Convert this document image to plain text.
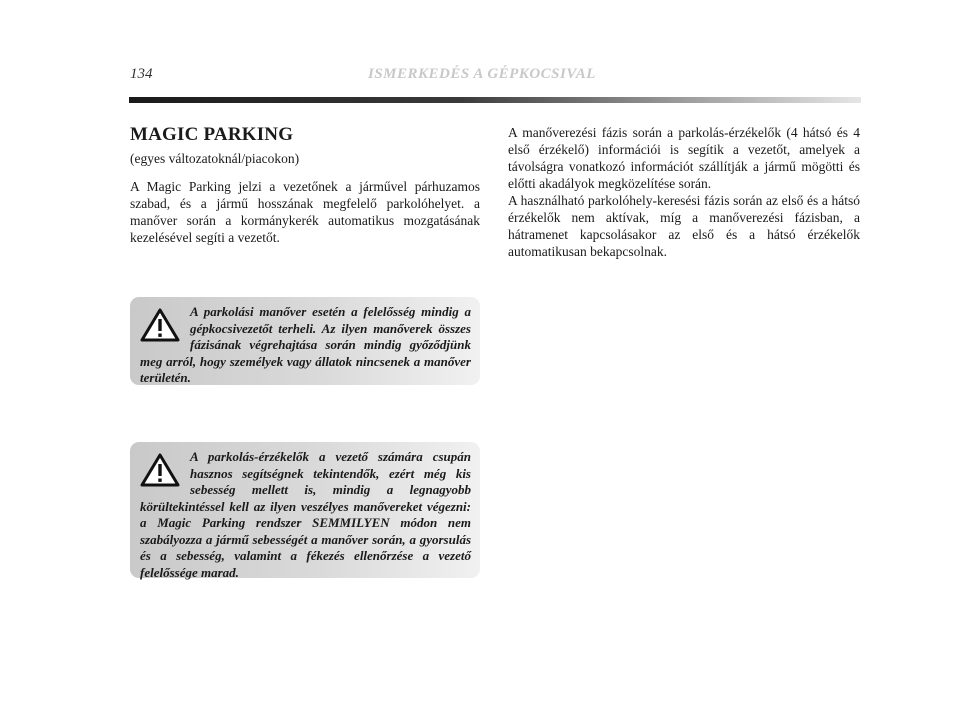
134	ISMERKEDÉS A GÉPKOCSIVAL
MAGIC PARKING

(egyes változatoknál/piacokon)

A Magic Parking jelzi a vezetőnek a járművel párhuzamos szabad, és a jármű hosszának megfelelő parkolóhelyet. a manőver során a kormánykerék automatikus mozgatásának kezelésével segíti a vezetőt.

A parkolási manőver esetén a felelősség mindig a gépkocsivezetőt terheli. Az ilyen manőverek összes fázisának végrehajtása során mindig győződjünk meg arról, hogy személyek vagy állatok nincsenek a manőver területén.

A parkolás-érzékelők a vezető számára csupán hasznos segítségnek tekintendők, ezért még kis sebesség mellett is, mindig a legnagyobb körültekintéssel kell az ilyen veszélyes manővereket végezni: a Magic Parking rendszer SEMMILYEN módon nem szabályozza a jármű sebességét a manőver során, a gyorsulás és a sebesség, valamint a fékezés ellenőrzése a vezető felelőssége marad.

A manőverezési fázis során a parkolás-érzékelők (4 hátsó és 4 első érzékelő) információi is segítik a vezetőt, amelyek a távolságra vonatkozó információt szállítják a jármű mögötti és előtti akadályok megközelítése során.

A használható parkolóhely-keresési fázis során az első és a hátsó érzékelők nem aktívak, míg a manőverezési fázisban, a hátramenet kapcsolásakor az első és a hátsó érzékelők automatikusan bekapcsolnak.
